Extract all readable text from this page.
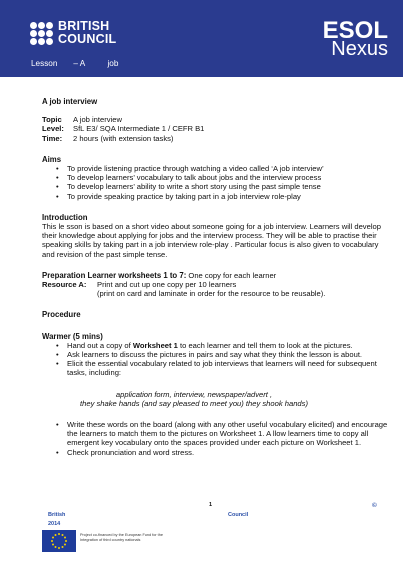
BRITISH
COUNCIL	ESOL
Nexus
Lesson       – A          job
A job interview
Topic	A job interview
Level:	SfL E3/ SQA Intermediate 1 / CEFR B1
Time:	2 hours (with extension tasks)
Aims
• To provide listening practice through watching a video called ‘A job interview’
• To develop learners’ vocabulary to talk about jobs and the interview process
• To develop learners’ ability to write a short story using the past simple tense
• To provide speaking practice by taking part in a job interview role-play
Introduction
This le sson is based on a short video about someone going for a job interview. Learners will develop their knowledge about applying for jobs and the interview process. They will be able to practise their speaking skills by taking part in a job interview role-play . Particular focus is also given to vocabulary and revision of the past simple tense.
Preparation Learner worksheets 1 to 7: One copy for each learner
Resource A:	Print and cut up one copy per 10 learners
(print on card and laminate in order for the resource to be reusable).
Procedure
Warmer (5 mins)
• Hand out a copy of Worksheet 1 to each learner and tell them to look at the pictures.
• Ask learners to discuss the pictures in pairs and say what they think the lesson is about.
• Elicit the essential vocabulary related to job interviews that learners will need for subsequent tasks, including:
application form, interview, newspaper/advert ,
they shake hands (and say pleased to meet you) they shook hands)
• Write these words on the board (along with any other useful vocabulary elicited) and encourage the learners to match them to the pictures on Worksheet 1. A llow learners time to copy all emergent key vocabulary onto the spaces provided under each picture on Worksheet 1.
• Check pronunciation and word stress.
1	©
British
2014
Council
Project co-financed by the European Fund for the Integration of third country nationals
